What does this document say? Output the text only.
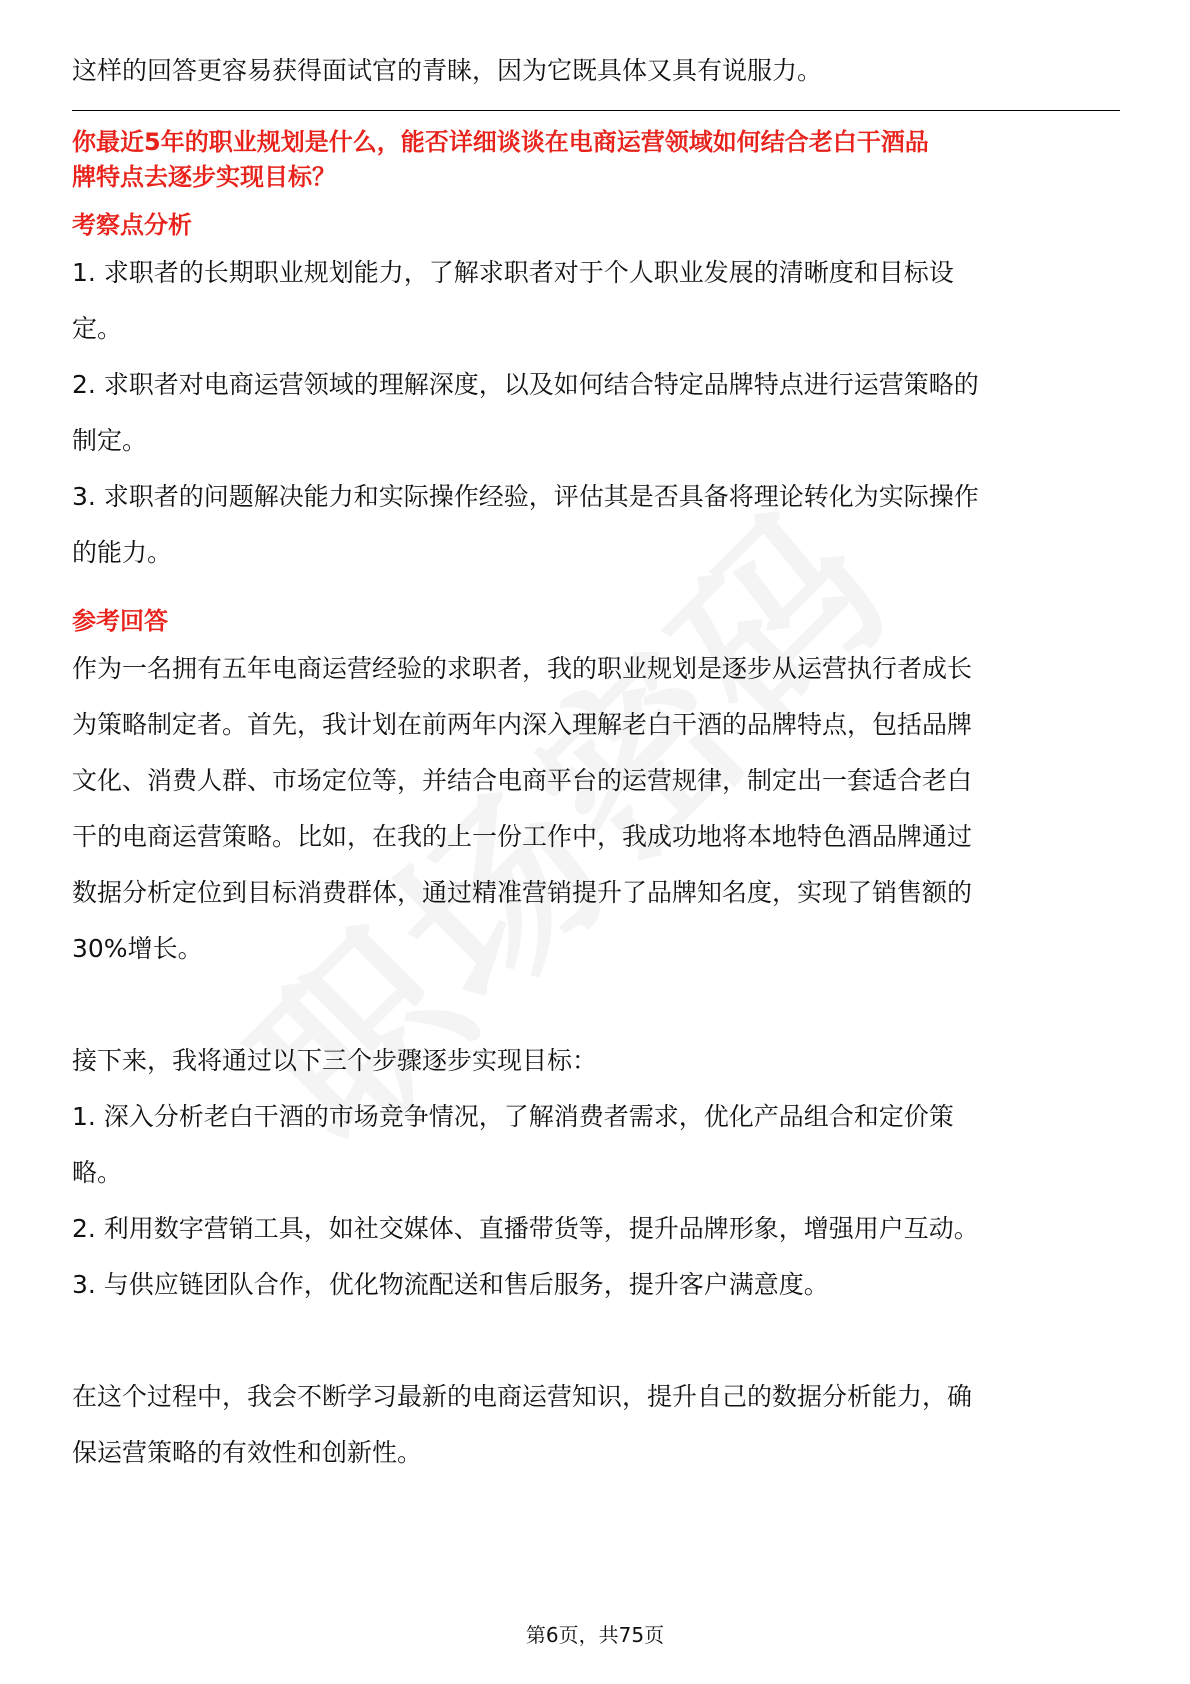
这样的回答更容易获得面试官的青睐，因为它既具体又具有说服力。

你最近5年的职业规划是什么，能否详细谈谈在电商运营领域如何结合老白干酒品

牌特点去逐步实现目标？

考察点分析

1. 求职者的长期职业规划能力，了解求职者对于个人职业发展的清晰度和目标设

定。

2. 求职者对电商运营领域的理解深度，以及如何结合特定品牌特点进行运营策略的

制定。

3. 求职者的问题解决能力和实际操作经验，评估其是否具备将理论转化为实际操作

的能力。

参考回答

作为一名拥有五年电商运营经验的求职者，我的职业规划是逐步从运营执行者成长

为策略制定者。首先，我计划在前两年内深入理解老白干酒的品牌特点，包括品牌

文化、消费人群、市场定位等，并结合电商平台的运营规律，制定出一套适合老白

干的电商运营策略。比如，在我的上一份工作中，我成功地将本地特色酒品牌通过

数据分析定位到目标消费群体，通过精准营销提升了品牌知名度，实现了销售额的

30%增长。

接下来，我将通过以下三个步骤逐步实现目标：

1. 深入分析老白干酒的市场竞争情况，了解消费者需求，优化产品组合和定价策

略。

2. 利用数字营销工具，如社交媒体、直播带货等，提升品牌形象，增强用户互动。

3. 与供应链团队合作，优化物流配送和售后服务，提升客户满意度。

在这个过程中，我会不断学习最新的电商运营知识，提升自己的数据分析能力，确

保运营策略的有效性和创新性。

第6页，共75页
